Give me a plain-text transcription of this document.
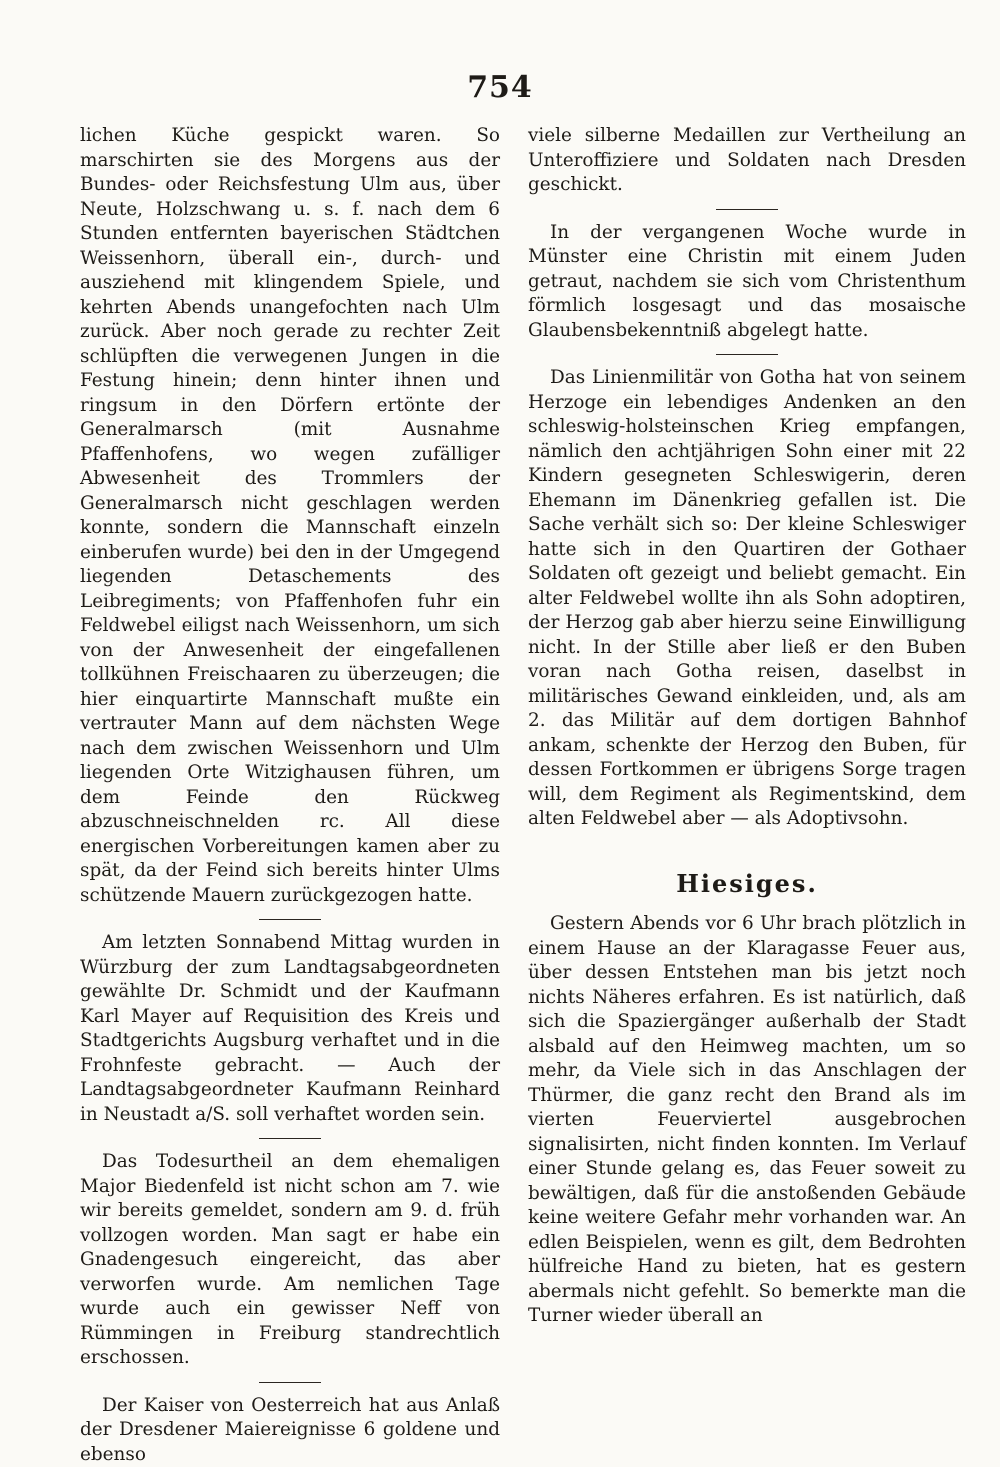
754

lichen Küche gespickt waren. So marschirten sie des Morgens aus der Bundes- oder Reichsfestung Ulm aus, über Neute, Holzschwang u. s. f. nach dem 6 Stunden entfernten bayerischen Städtchen Weissenhorn, überall ein-, durch- und ausziehend mit klingendem Spiele, und kehrten Abends unangefochten nach Ulm zurück. Aber noch gerade zu rechter Zeit schlüpften die verwegenen Jungen in die Festung hinein; denn hinter ihnen und ringsum in den Dörfern ertönte der Generalmarsch (mit Ausnahme Pfaffenhofens, wo wegen zufälliger Abwesenheit des Trommlers der Generalmarsch nicht geschlagen werden konnte, sondern die Mannschaft einzeln einberufen wurde) bei den in der Umgegend liegenden Detaschements des Leibregiments; von Pfaffenhofen fuhr ein Feldwebel eiligst nach Weissenhorn, um sich von der Anwesenheit der eingefallenen tollkühnen Freischaaren zu überzeugen; die hier einquartirte Mannschaft mußte ein vertrauter Mann auf dem nächsten Wege nach dem zwischen Weissenhorn und Ulm liegenden Orte Witzighausen führen, um dem Feinde den Rückweg abzuschneischnelden rc. All diese energischen Vorbereitungen kamen aber zu spät, da der Feind sich bereits hinter Ulms schützende Mauern zurückgezogen hatte.

Am letzten Sonnabend Mittag wurden in Würzburg der zum Landtagsabgeordneten gewählte Dr. Schmidt und der Kaufmann Karl Mayer auf Requisition des Kreis und Stadtgerichts Augsburg verhaftet und in die Frohnfeste gebracht. — Auch der Landtagsabgeordneter Kaufmann Reinhard in Neustadt a/S. soll verhaftet worden sein.

Das Todesurtheil an dem ehemaligen Major Biedenfeld ist nicht schon am 7. wie wir bereits gemeldet, sondern am 9. d. früh vollzogen worden. Man sagt er habe ein Gnadengesuch eingereicht, das aber verworfen wurde. Am nemlichen Tage wurde auch ein gewisser Neff von Rümmingen in Freiburg standrechtlich erschossen.

Der Kaiser von Oesterreich hat aus Anlaß der Dresdener Maiereignisse 6 goldene und ebenso

viele silberne Medaillen zur Vertheilung an Unteroffiziere und Soldaten nach Dresden geschickt.

In der vergangenen Woche wurde in Münster eine Christin mit einem Juden getraut, nachdem sie sich vom Christenthum förmlich losgesagt und das mosaische Glaubensbekenntniß abgelegt hatte.

Das Linienmilitär von Gotha hat von seinem Herzoge ein lebendiges Andenken an den schleswig-holsteinschen Krieg empfangen, nämlich den achtjährigen Sohn einer mit 22 Kindern gesegneten Schleswigerin, deren Ehemann im Dänenkrieg gefallen ist. Die Sache verhält sich so: Der kleine Schleswiger hatte sich in den Quartiren der Gothaer Soldaten oft gezeigt und beliebt gemacht. Ein alter Feldwebel wollte ihn als Sohn adoptiren, der Herzog gab aber hierzu seine Einwilligung nicht. In der Stille aber ließ er den Buben voran nach Gotha reisen, daselbst in militärisches Gewand einkleiden, und, als am 2. das Militär auf dem dortigen Bahnhof ankam, schenkte der Herzog den Buben, für dessen Fortkommen er übrigens Sorge tragen will, dem Regiment als Regimentskind, dem alten Feldwebel aber — als Adoptivsohn.

Hiesiges.

Gestern Abends vor 6 Uhr brach plötzlich in einem Hause an der Klaragasse Feuer aus, über dessen Entstehen man bis jetzt noch nichts Näheres erfahren. Es ist natürlich, daß sich die Spaziergänger außerhalb der Stadt alsbald auf den Heimweg machten, um so mehr, da Viele sich in das Anschlagen der Thürmer, die ganz recht den Brand als im vierten Feuerviertel ausgebrochen signalisirten, nicht finden konnten. Im Verlauf einer Stunde gelang es, das Feuer soweit zu bewältigen, daß für die anstoßenden Gebäude keine weitere Gefahr mehr vorhanden war. An edlen Beispielen, wenn es gilt, dem Bedrohten hülfreiche Hand zu bieten, hat es gestern abermals nicht gefehlt. So bemerkte man die Turner wieder überall an
